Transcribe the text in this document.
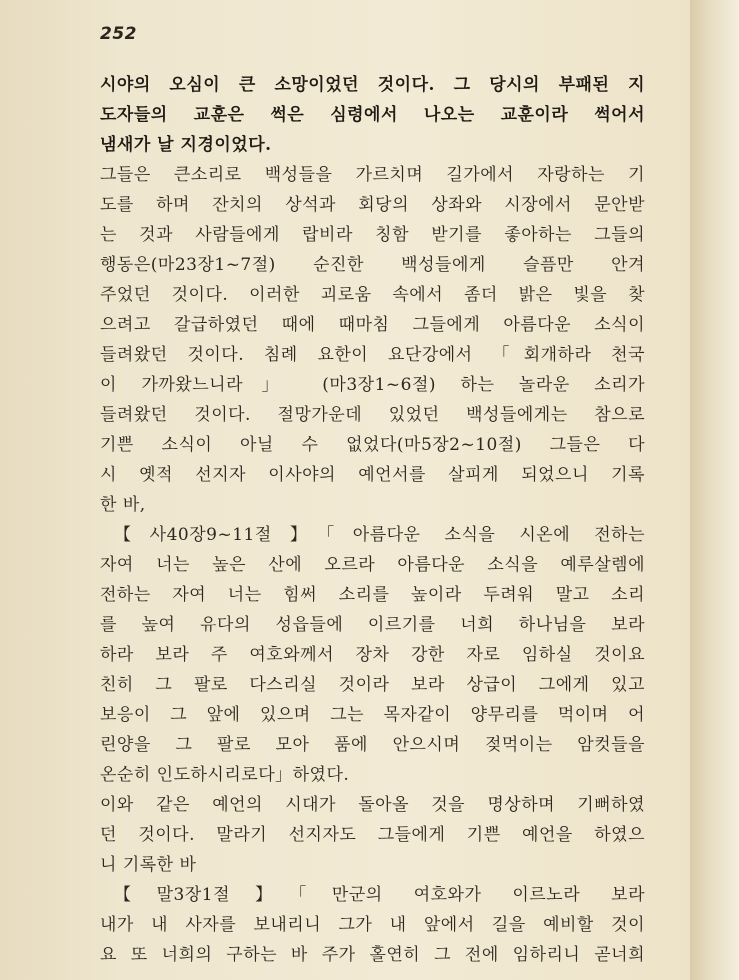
252
시야의 오심이 큰 소망이었던 것이다. 그 당시의 부패된 지
도자들의 교훈은 썩은 심령에서 나오는 교훈이라 썩어서
냄새가 날 지경이었다.
그들은 큰소리로 백성들을 가르치며 길가에서 자랑하는 기
도를 하며 잔치의 상석과 회당의 상좌와 시장에서 문안받
는 것과 사람들에게 랍비라 칭함 받기를 좋아하는 그들의
행동은(마23장1~7절) 순진한 백성들에게 슬픔만 안겨
주었던 것이다. 이러한 괴로움 속에서 좀더 밝은 빛을 찾
으려고 갈급하였던 때에 때마침 그들에게 아름다운 소식이
들려왔던 것이다. 침례 요한이 요단강에서 「회개하라 천국
이 가까왔느니라」 (마3장1~6절) 하는 놀라운 소리가
들려왔던 것이다. 절망가운데 있었던 백성들에게는 참으로
기쁜 소식이 아닐 수 없었다(마5장2~10절) 그들은 다
시 옛적 선지자 이사야의 예언서를 살피게 되었으니 기록
한 바,
【사40장9~11절】「아름다운 소식을 시온에 전하는
자여 너는 높은 산에 오르라 아름다운 소식을 예루살렘에
전하는 자여 너는 힘써 소리를 높이라 두려워 말고 소리
를 높여 유다의 성읍들에 이르기를 너희 하나님을 보라
하라 보라 주 여호와께서 장차 강한 자로 임하실 것이요
친히 그 팔로 다스리실 것이라 보라 상급이 그에게 있고
보응이 그 앞에 있으며 그는 목자같이 양무리를 먹이며 어
린양을 그 팔로 모아 품에 안으시며 젖먹이는 암컷들을
온순히 인도하시리로다」하였다.
이와 같은 예언의 시대가 돌아올 것을 명상하며 기뻐하였
던 것이다. 말라기 선지자도 그들에게 기쁜 예언을 하였으
니 기록한 바
【말3장1절】「만군의 여호와가 이르노라 보라
내가 내 사자를 보내리니 그가 내 앞에서 길을 예비할 것이
요 또 너희의 구하는 바 주가 홀연히 그 전에 임하리니 곧너희
